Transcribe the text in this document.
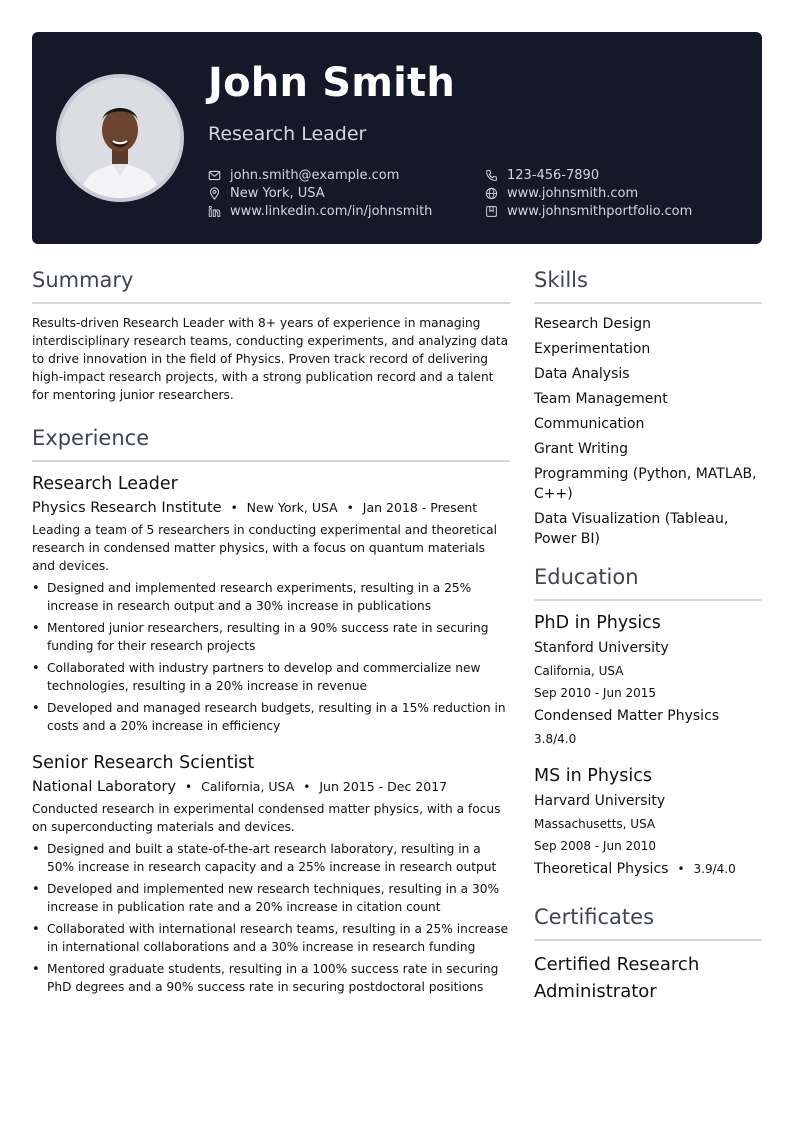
John Smith
Research Leader
john.smith@example.com	123-456-7890
New York, USA	www.johnsmith.com
www.linkedin.com/in/johnsmith	www.johnsmithportfolio.com
Summary

Results-driven Research Leader with 8+ years of experience in managing interdisciplinary research teams, conducting experiments, and analyzing data to drive innovation in the field of Physics. Proven track record of delivering high-impact research projects, with a strong publication record and a talent for mentoring junior researchers.

Experience
Research Leader
Physics Research Institute • New York, USA • Jan 2018 - Present

Leading a team of 5 researchers in conducting experimental and theoretical research in condensed matter physics, with a focus on quantum materials and devices.

• Designed and implemented research experiments, resulting in a 25% increase in research output and a 30% increase in publications
• Mentored junior researchers, resulting in a 90% success rate in securing funding for their research projects
• Collaborated with industry partners to develop and commercialize new technologies, resulting in a 20% increase in revenue
• Developed and managed research budgets, resulting in a 15% reduction in costs and a 20% increase in efficiency
Senior Research Scientist
National Laboratory • California, USA • Jun 2015 - Dec 2017

Conducted research in experimental condensed matter physics, with a focus on superconducting materials and devices.

• Designed and built a state-of-the-art research laboratory, resulting in a 50% increase in research capacity and a 25% increase in research output
• Developed and implemented new research techniques, resulting in a 30% increase in publication rate and a 20% increase in citation count
• Collaborated with international research teams, resulting in a 25% increase in international collaborations and a 30% increase in research funding
• Mentored graduate students, resulting in a 100% success rate in securing PhD degrees and a 90% success rate in securing postdoctoral positions
Skills
Research Design
Experimentation
Data Analysis
Team Management
Communication
Grant Writing
Programming (Python, MATLAB, C++)
Data Visualization (Tableau, Power BI)
Education
PhD in Physics
Stanford University
California, USA
Sep 2010 - Jun 2015
Condensed Matter Physics
3.8/4.0
MS in Physics
Harvard University
Massachusetts, USA
Sep 2008 - Jun 2010
Theoretical Physics • 3.9/4.0
Certificates
Certified Research Administrator
